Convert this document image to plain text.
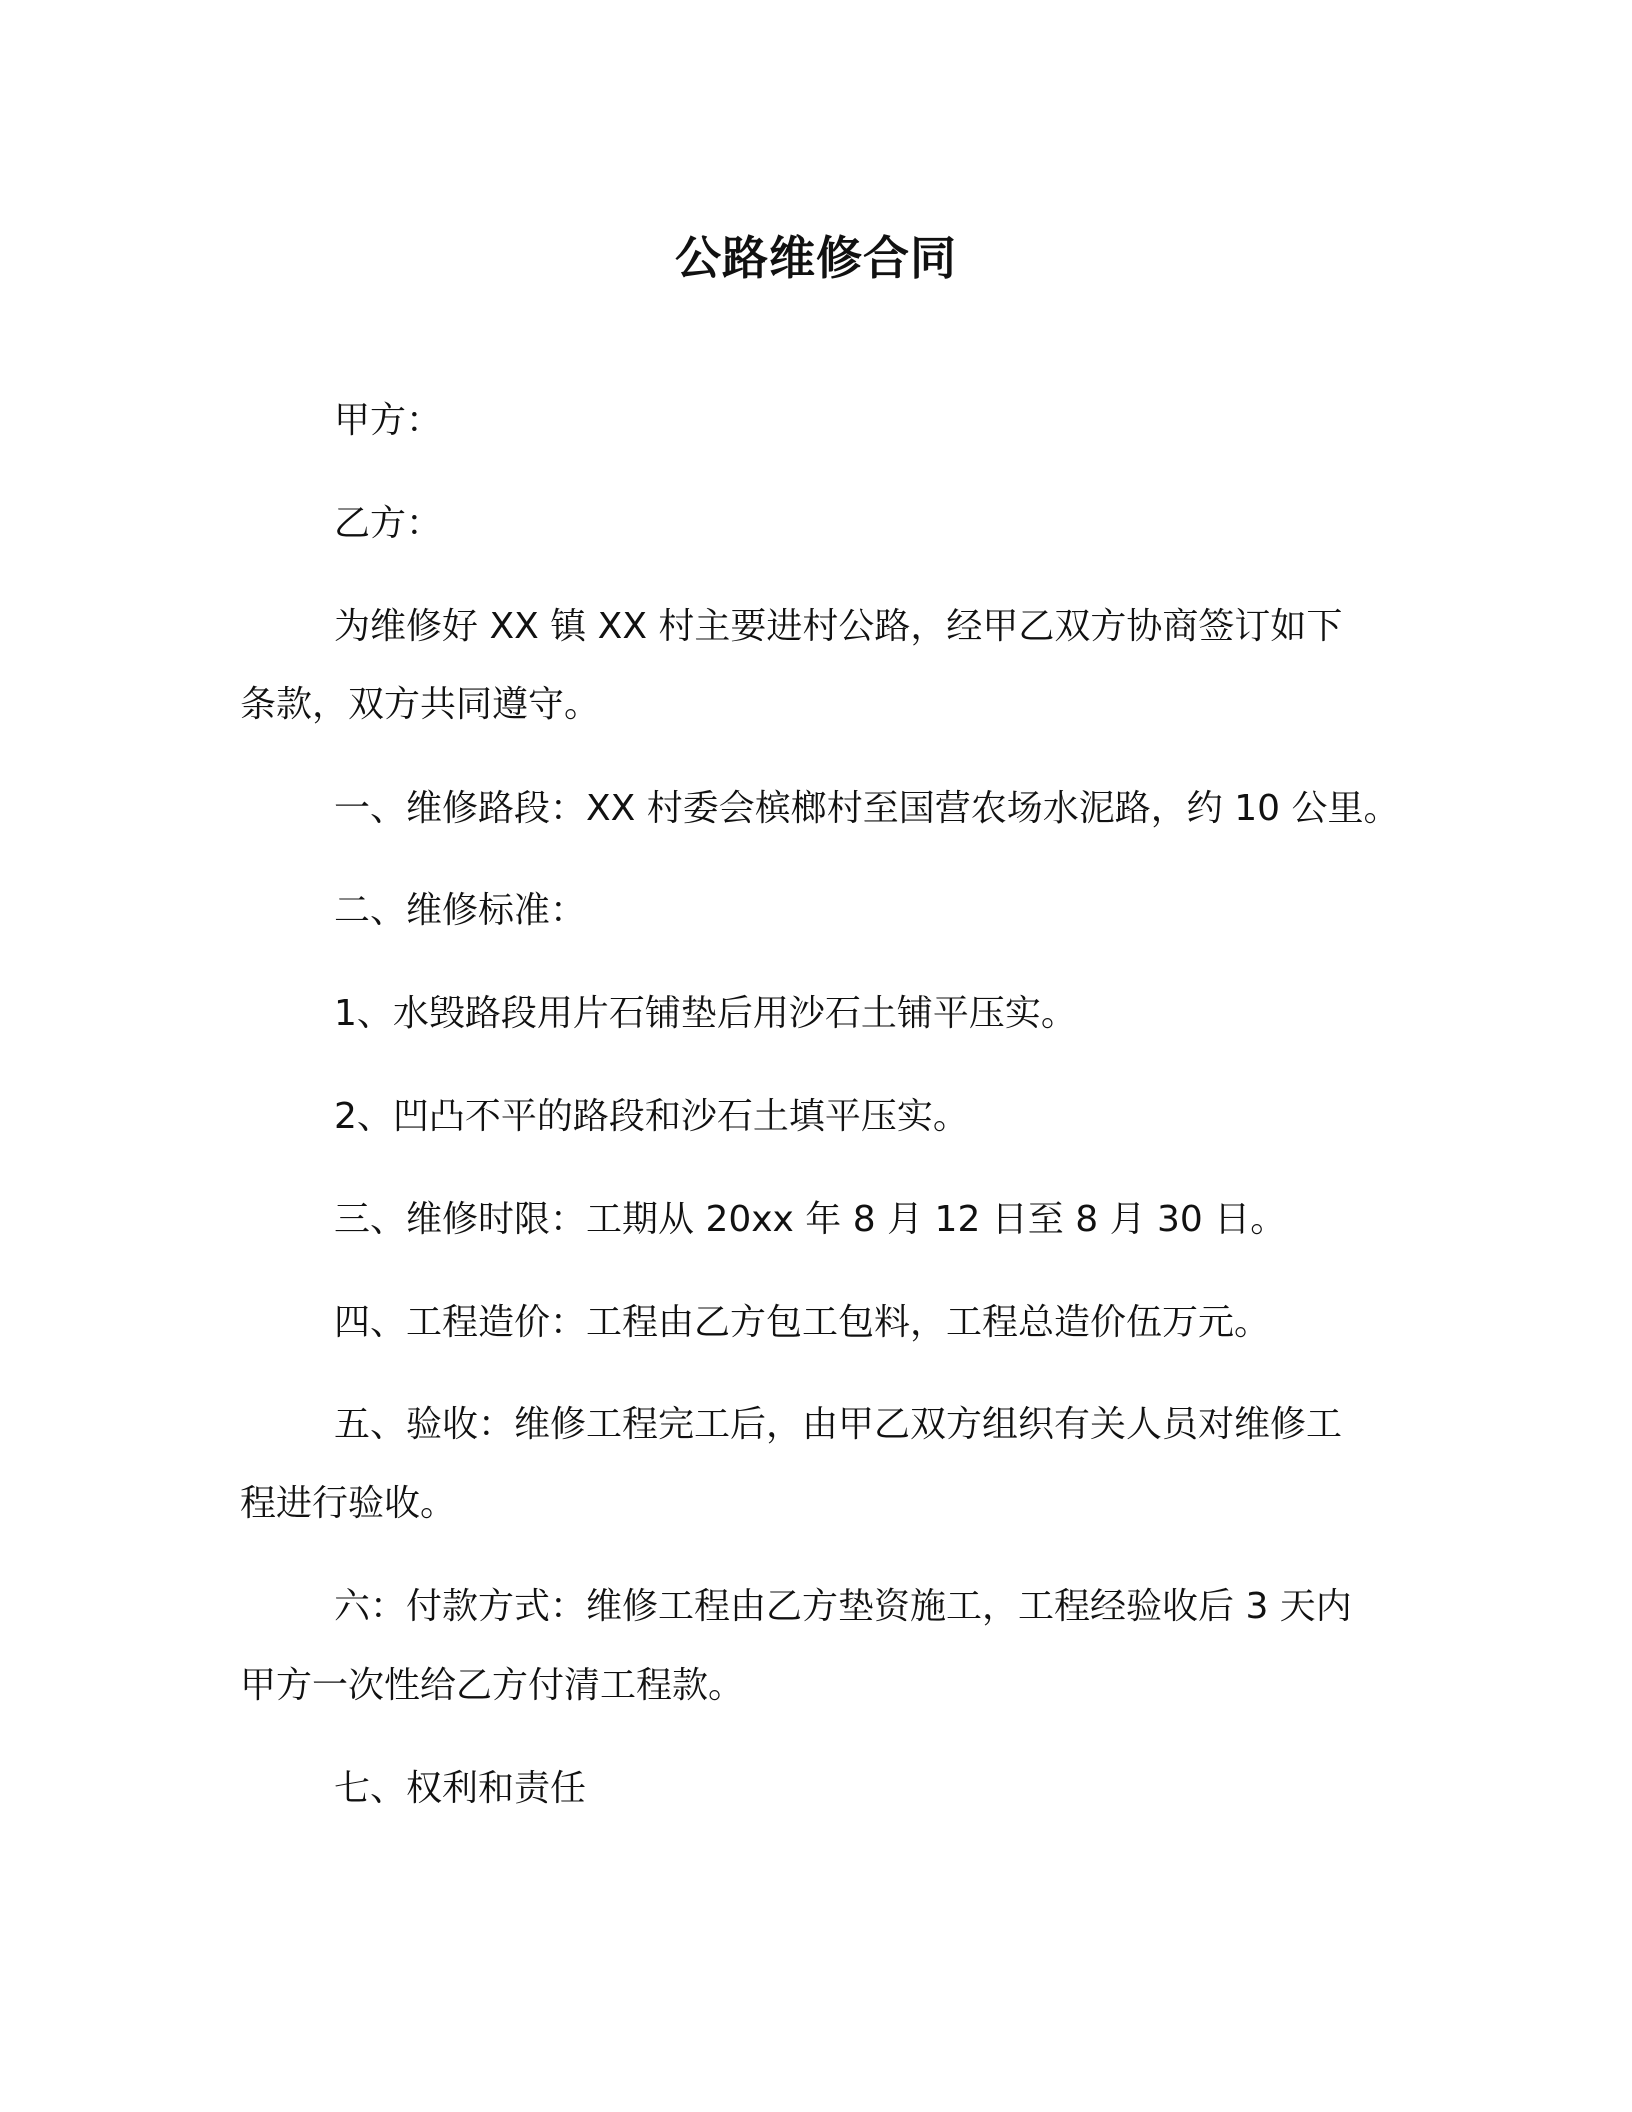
公路维修合同
甲方：
乙方：
为维修好 XX 镇 XX 村主要进村公路，经甲乙双方协商签订如下
条款，双方共同遵守。
一、维修路段：XX 村委会槟榔村至国营农场水泥路，约 10 公里。
二、维修标准：
1、水毁路段用片石铺垫后用沙石土铺平压实。
2、凹凸不平的路段和沙石土填平压实。
三、维修时限：工期从 20xx 年 8 月 12 日至 8 月 30 日。
四、工程造价：工程由乙方包工包料，工程总造价伍万元。
五、验收：维修工程完工后，由甲乙双方组织有关人员对维修工
程进行验收。
六：付款方式：维修工程由乙方垫资施工，工程经验收后 3 天内
甲方一次性给乙方付清工程款。
七、权利和责任
